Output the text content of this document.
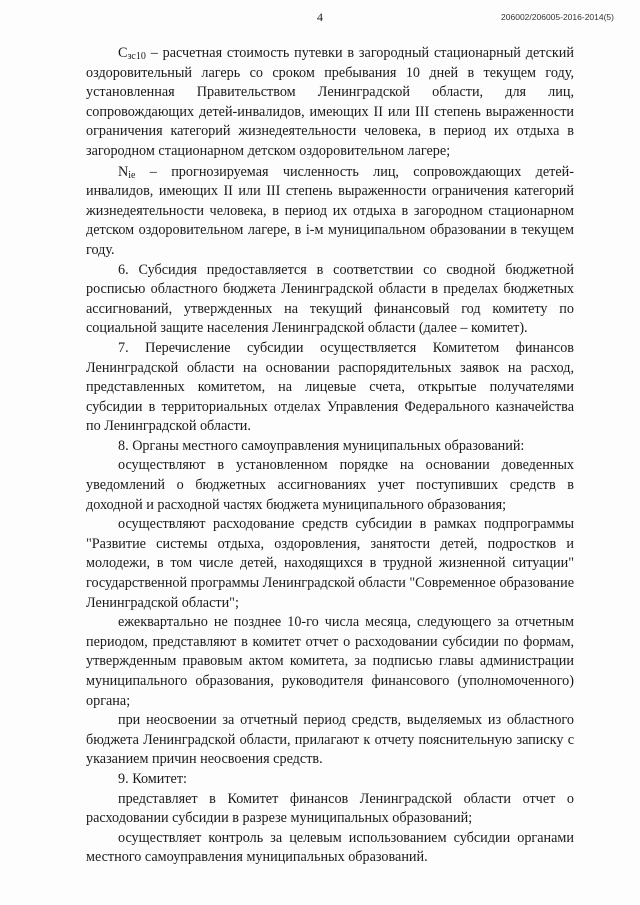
4	206002/206005-2016-2014(5)

$С_{зс10}$ – расчетная стоимость путевки в загородный стационарный детский оздоровительный лагерь со сроком пребывания 10 дней в текущем году, установленная Правительством Ленинградской области, для лиц, сопровождающих детей-инвалидов, имеющих II или III степень выраженности ограничения категорий жизнедеятельности человека, в период их отдыха в загородном стационарном детском оздоровительном лагере;

$N_{ie}$ – прогнозируемая численность лиц, сопровождающих детей-инвалидов, имеющих II или III степень выраженности ограничения категорий жизнедеятельности человека, в период их отдыха в загородном стационарном детском оздоровительном лагере, в i-м муниципальном образовании в текущем году.

6. Субсидия предоставляется в соответствии со сводной бюджетной росписью областного бюджета Ленинградской области в пределах бюджетных ассигнований, утвержденных на текущий финансовый год комитету по социальной защите населения Ленинградской области (далее – комитет).

7. Перечисление субсидии осуществляется Комитетом финансов Ленинградской области на основании распорядительных заявок на расход, представленных комитетом, на лицевые счета, открытые получателями субсидии в территориальных отделах Управления Федерального казначейства по Ленинградской области.

8. Органы местного самоуправления муниципальных образований:

осуществляют в установленном порядке на основании доведенных уведомлений о бюджетных ассигнованиях учет поступивших средств в доходной и расходной частях бюджета муниципального образования;

осуществляют расходование средств субсидии в рамках подпрограммы "Развитие системы отдыха, оздоровления, занятости детей, подростков и молодежи, в том числе детей, находящихся в трудной жизненной ситуации" государственной программы Ленинградской области "Современное образование Ленинградской области";

ежеквартально не позднее 10-го числа месяца, следующего за отчетным периодом, представляют в комитет отчет о расходовании субсидии по формам, утвержденным правовым актом комитета, за подписью главы администрации муниципального образования, руководителя финансового (уполномоченного) органа;

при неосвоении за отчетный период средств, выделяемых из областного бюджета Ленинградской области, прилагают к отчету пояснительную записку с указанием причин неосвоения средств.

9. Комитет:

представляет в Комитет финансов Ленинградской области отчет о расходовании субсидии в разрезе муниципальных образований;

осуществляет контроль за целевым использованием субсидии органами местного самоуправления муниципальных образований.
